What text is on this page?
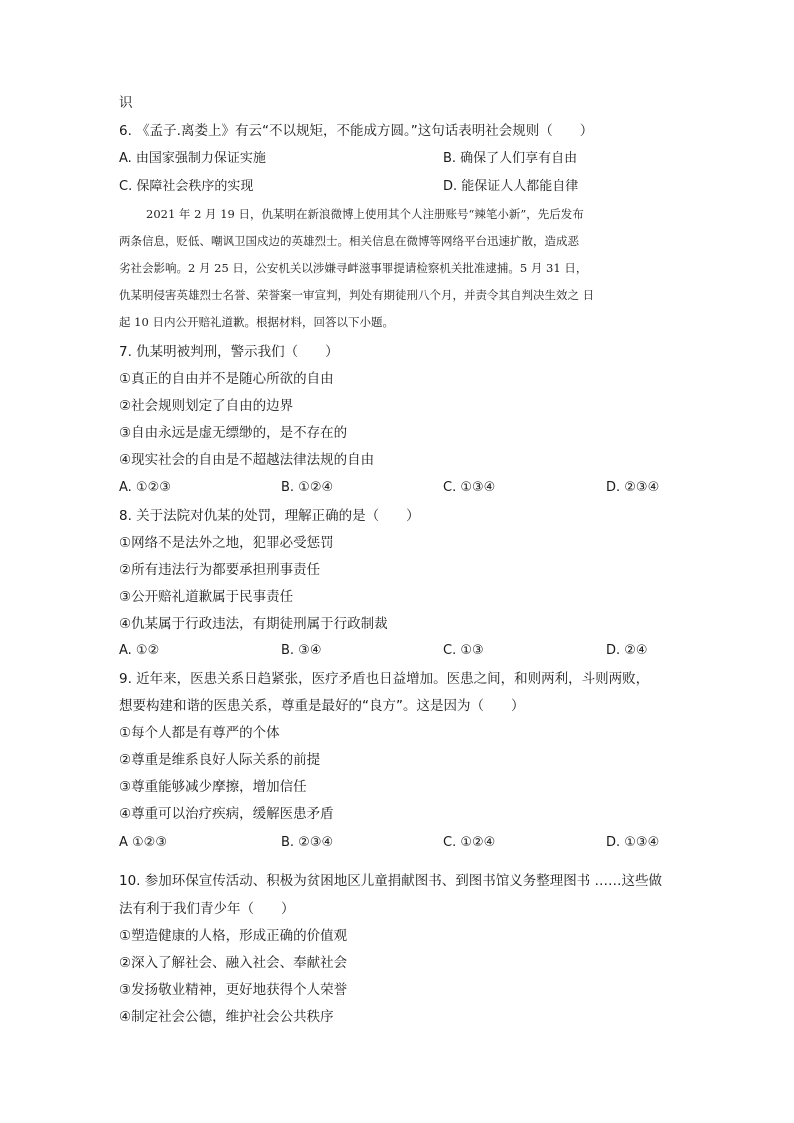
识
6. 《孟子.离娄上》有云“不以规矩，不能成方圆。”这句话表明社会规则（　　）
A. 由国家强制力保证实施	B. 确保了人们享有自由
C. 保障社会秩序的实现	D. 能保证人人都能自律
2021 年 2 月 19 日，仇某明在新浪微博上使用其个人注册账号“辣笔小新”，先后发布
两条信息，贬低、嘲讽卫国戍边的英雄烈士。相关信息在微博等网络平台迅速扩散，造成恶
劣社会影响。2 月 25 日，公安机关以涉嫌寻衅滋事罪提请检察机关批准逮捕。5 月 31 日，
仇某明侵害英雄烈士名誉、荣誉案一审宣判，判处有期徒刑八个月，并责令其自判决生效之 日
起 10 日内公开赔礼道歉。根据材料，回答以下小题。
7. 仇某明被判刑，警示我们（　　）
①真正的自由并不是随心所欲的自由
②社会规则划定了自由的边界
③自由永远是虚无缥缈的，是不存在的
④现实社会的自由是不超越法律法规的自由
A. ①②③	B. ①②④	C. ①③④	D. ②③④
8. 关于法院对仇某的处罚，理解正确的是（　　）
①网络不是法外之地，犯罪必受惩罚
②所有违法行为都要承担刑事责任
③公开赔礼道歉属于民事责任
④仇某属于行政违法，有期徒刑属于行政制裁
A. ①②	B. ③④	C. ①③	D. ②④
9. 近年来，医患关系日趋紧张，医疗矛盾也日益增加。医患之间，和则两利，斗则两败，
想要构建和谐的医患关系，尊重是最好的“良方”。这是因为（　　）
①每个人都是有尊严的个体
②尊重是维系良好人际关系的前提
③尊重能够减少摩擦，增加信任
④尊重可以治疗疾病，缓解医患矛盾
A ①②③	B. ②③④	C. ①②④	D. ①③④
10. 参加环保宣传活动、积极为贫困地区儿童捐献图书、到图书馆义务整理图书 ……这些做
法有利于我们青少年（　　）
①塑造健康的人格，形成正确的价值观
②深入了解社会、融入社会、奉献社会
③发扬敬业精神，更好地获得个人荣誉
④制定社会公德，维护社会公共秩序
